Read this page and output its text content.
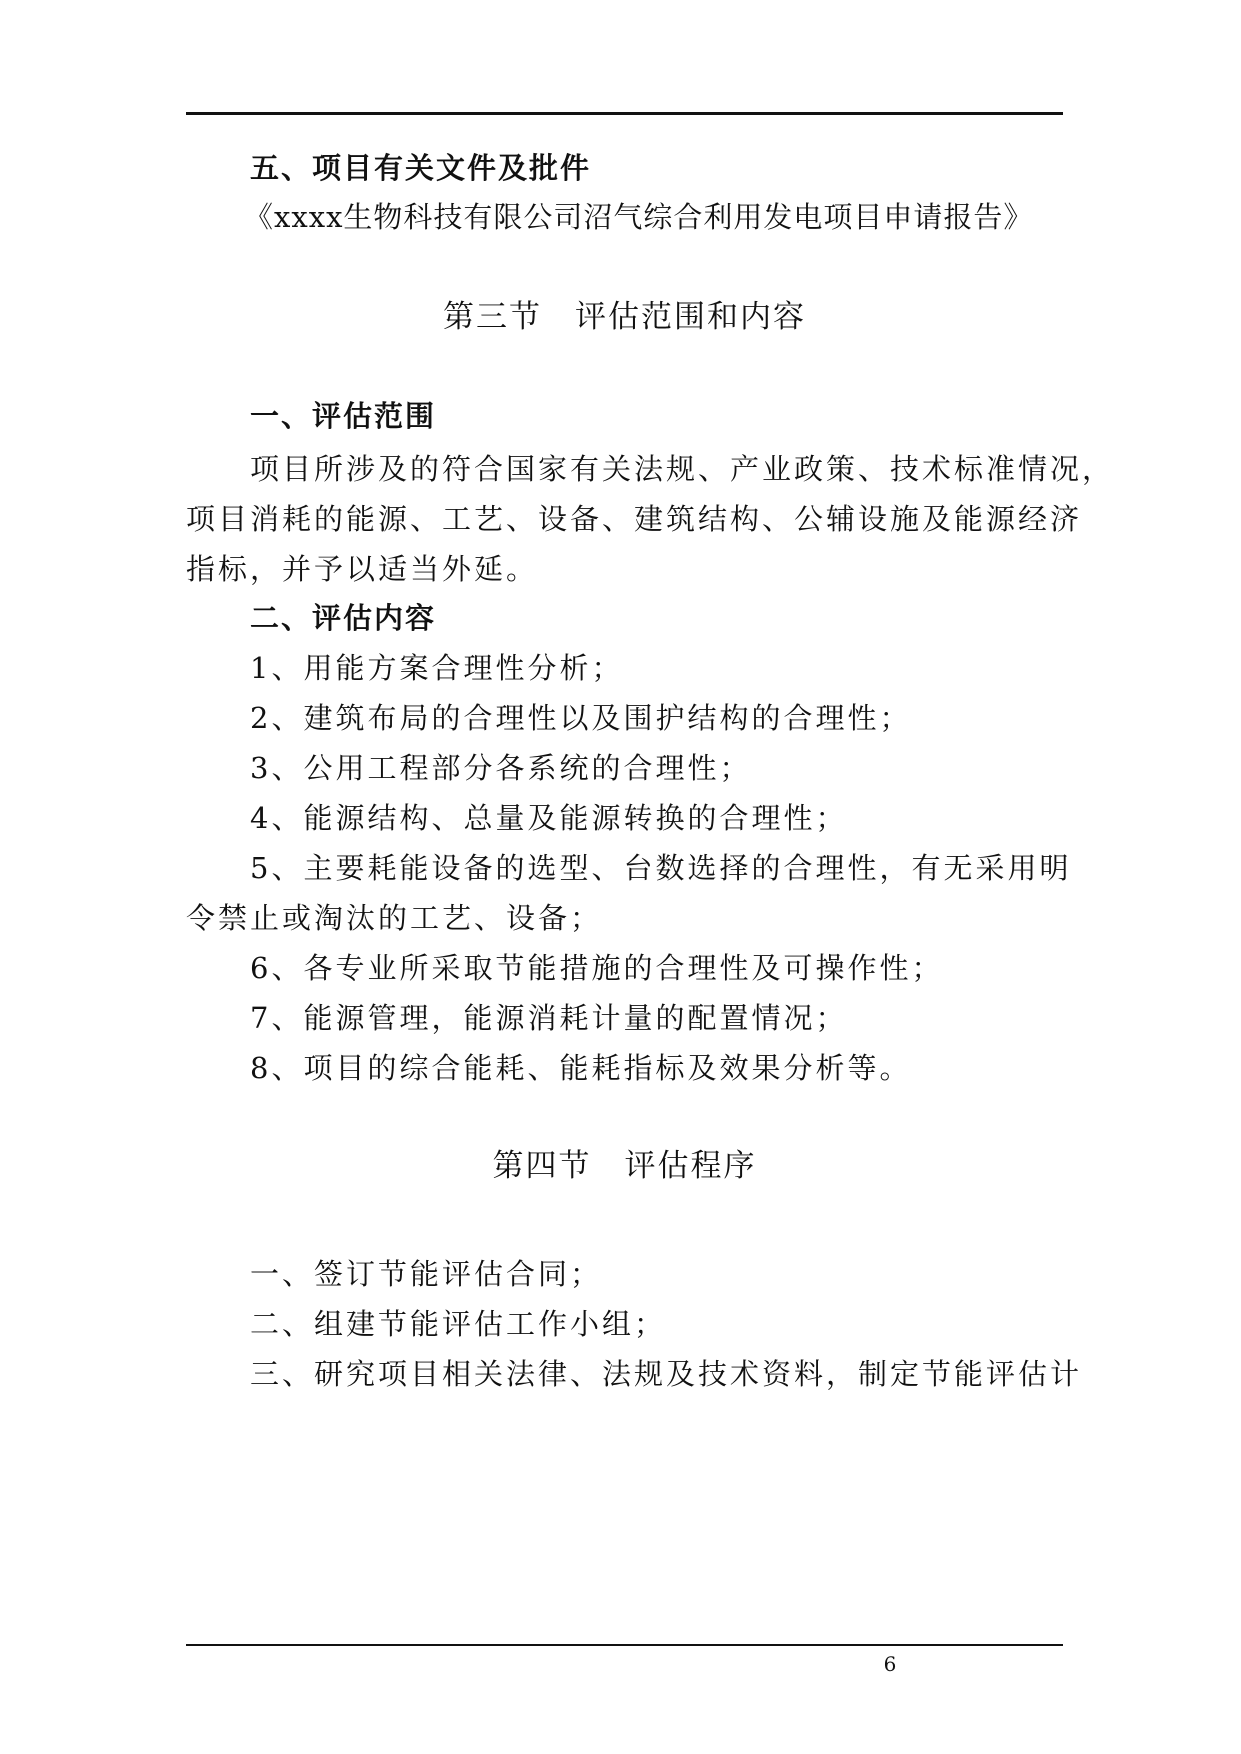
五、项目有关文件及批件
《xxxx生物科技有限公司沼气综合利用发电项目申请报告》
第三节　评估范围和内容
一、评估范围
项目所涉及的符合国家有关法规、产业政策、技术标准情况，
项目消耗的能源、工艺、设备、建筑结构、公辅设施及能源经济
指标，并予以适当外延。
二、评估内容
1、用能方案合理性分析；
2、建筑布局的合理性以及围护结构的合理性；
3、公用工程部分各系统的合理性；
4、能源结构、总量及能源转换的合理性；
5、主要耗能设备的选型、台数选择的合理性，有无采用明
令禁止或淘汰的工艺、设备；
6、各专业所采取节能措施的合理性及可操作性；
7、能源管理，能源消耗计量的配置情况；
8、项目的综合能耗、能耗指标及效果分析等。
第四节　评估程序
一、签订节能评估合同；
二、组建节能评估工作小组；
三、研究项目相关法律、法规及技术资料，制定节能评估计
6
